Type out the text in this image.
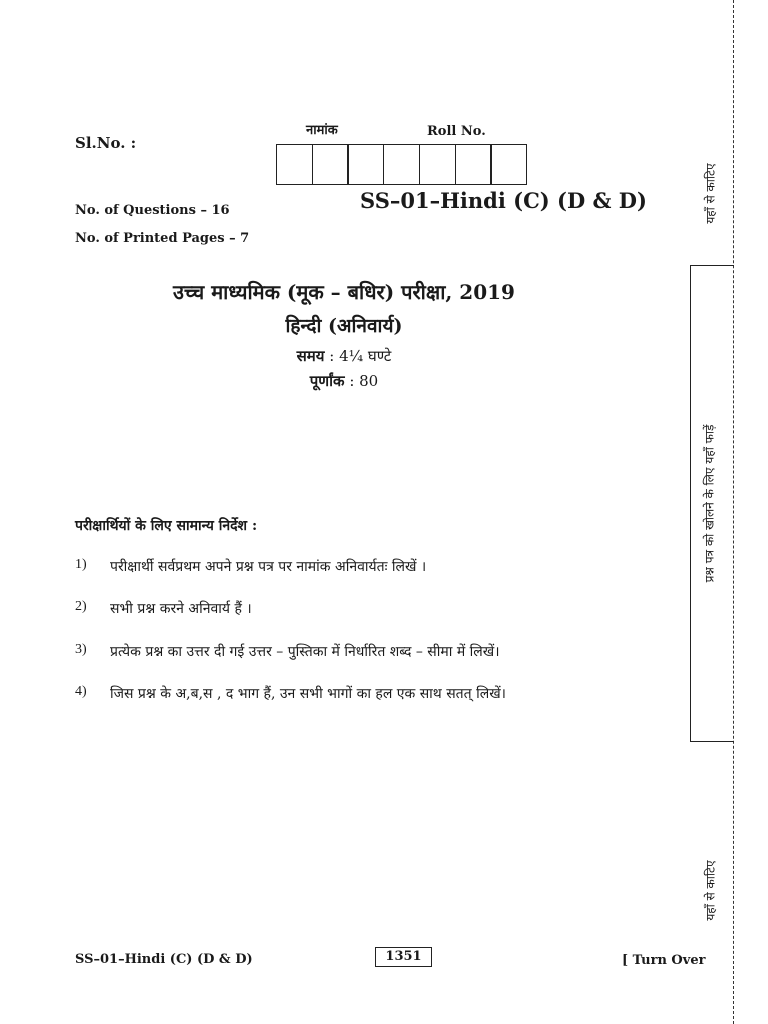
Sl.No. :
नामांक	Roll No.
No. of Questions – 16
No. of Printed Pages – 7
SS–01–Hindi (C) (D & D)
उच्च माध्यमिक (मूक – बधिर) परीक्षा, 2019
हिन्दी (अनिवार्य)
समय : 4¼ घण्टे
पूर्णांक : 80
परीक्षार्थियों के लिए सामान्य निर्देश :
1)	परीक्षार्थी सर्वप्रथम अपने प्रश्न पत्र पर नामांक अनिवार्यतः लिखें ।
2)	सभी प्रश्न करने अनिवार्य हैं ।
3)	प्रत्येक प्रश्न का उत्तर दी गई उत्तर – पुस्तिका में निर्धारित शब्द – सीमा में लिखें।
4)	जिस प्रश्न के अ,ब,स , द भाग हैं, उन सभी भागों का हल एक साथ सतत् लिखें।
यहाँ से काटिए
प्रश्न पत्र को खोलने के लिए यहाँ फाड़ें
यहाँ से काटिए
SS–01–Hindi (C) (D & D)	1351	[ Turn Over
